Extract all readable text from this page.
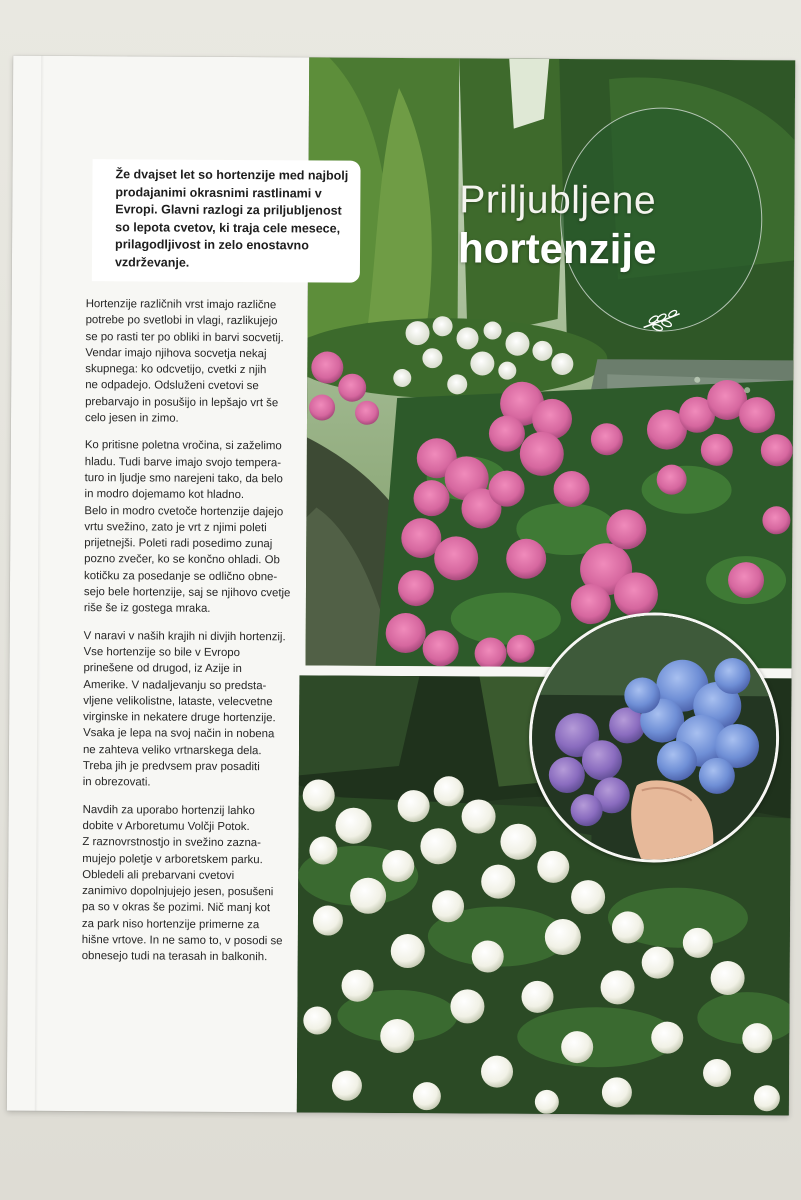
Priljubljene
hortenzije

Že dvajset let so hortenzije med najbolj prodajanimi okrasnimi rastlinami v Evropi. Glavni razlogi za priljubljenost so lepota cvetov, ki traja cele mesece, prilagodljivost in zelo enostavno vzdrževanje.

Hortenzije različnih vrst imajo različne
potrebe po svetlobi in vlagi, razlikujejo
se po rasti ter po obliki in barvi socvetij.
Vendar imajo njihova socvetja nekaj
skupnega: ko odcvetijo, cvetki z njih
ne odpadejo. Odsluženi cvetovi se
prebarvajo in posušijo in lepšajo vrt še
celo jesen in zimo.

Ko pritisne poletna vročina, si zaželimo
hladu. Tudi barve imajo svojo tempera-
turo in ljudje smo narejeni tako, da belo
in modro dojemamo kot hladno.
Belo in modro cvetoče hortenzije dajejo
vrtu svežino, zato je vrt z njimi poleti
prijetnejši. Poleti radi posedimo zunaj
pozno zvečer, ko se končno ohladi. Ob
kotičku za posedanje se odlično obne-
sejo bele hortenzije, saj se njihovo cvetje
riše še iz gostega mraka.

V naravi v naših krajih ni divjih hortenzij.
Vse hortenzije so bile v Evropo
prinešene od drugod, iz Azije in
Amerike. V nadaljevanju so predsta-
vljene velikolistne, lataste, velecvetne
virginske in nekatere druge hortenzije.
Vsaka je lepa na svoj način in nobena
ne zahteva veliko vrtnarskega dela.
Treba jih je predvsem prav posaditi
in obrezovati.

Navdih za uporabo hortenzij lahko
dobite v Arboretumu Volčji Potok.
Z raznovrstnostjo in svežino zazna-
mujejo poletje v arboretskem parku.
Obledeli ali prebarvani cvetovi
zanimivo dopolnjujejo jesen, posušeni
pa so v okras še pozimi. Nič manj kot
za park niso hortenzije primerne za
hišne vrtove. In ne samo to, v posodi se
obnesejo tudi na terasah in balkonih.
